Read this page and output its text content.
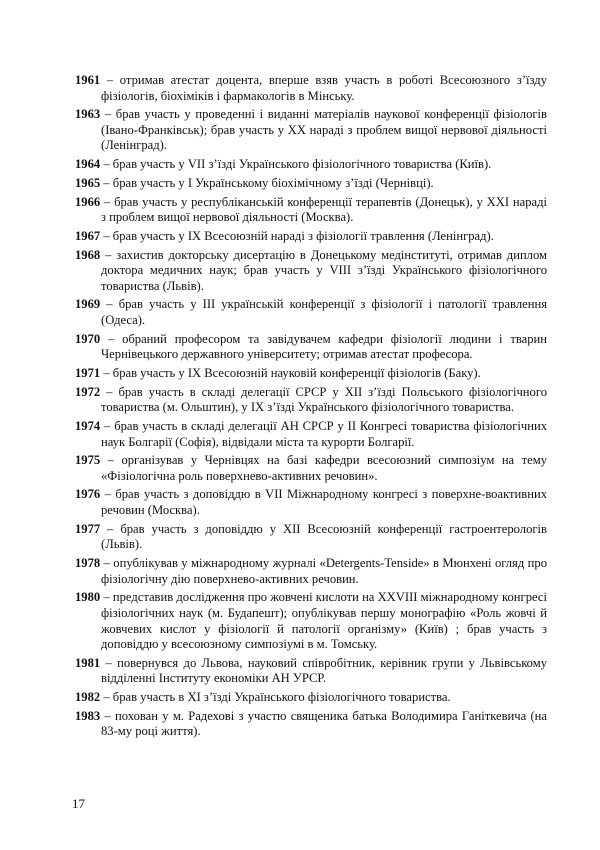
1961 – отримав атестат доцента, вперше взяв участь в роботі Всесоюзного з’їзду фізіологів, біохіміків і фармакологів в Мінську.
1963 – брав участь у проведенні і виданні матеріалів наукової конференції фізіологів (Івано-Франківськ); брав участь у ХХ нараді з проблем вищої нервової діяльності (Ленінград).
1964 – брав участь у VII з’їзді Українського фізіологічного товариства (Київ).
1965 – брав участь у І Українському біохімічному з’їзді (Чернівці).
1966 – брав участь у республіканській конференції терапевтів (Донецьк), у ХХІ нараді з проблем вищої нервової діяльності (Москва).
1967 – брав участь у ІХ Всесоюзній нараді з фізіології травлення (Ленінград).
1968 – захистив докторську дисертацію в Донецькому медінституті, отримав диплом доктора медичних наук; брав участь у VIII з’їзді Українського фізіологічного товариства (Львів).
1969 – брав участь у ІІІ українській конференції з фізіології і патології травлення (Одеса).
1970 – обраний професором та завідувачем кафедри фізіології людини і тварин Чернівецького державного університету; отримав атестат професора.
1971 – брав участь у ІХ Всесоюзній науковій конференції фізіологів (Баку).
1972 – брав участь в складі делегації СРСР у ХІІ з’їзді Польського фізіологічного товариства (м. Ольштин), у ІХ з’їзді Українського фізіологічного товариства.
1974 – брав участь в складі делегації АН СРСР у ІІ Конгресі товариства фізіологічних наук Болгарії (Софія), відвідали міста та курорти Болгарії.
1975 – організував у Чернівцях на базі кафедри всесоюзний симпозіум на тему «Фізіологічна роль поверхнево-активних речовин».
1976 – брав участь з доповіддю в VII Міжнародному конгресі з поверхне-воактивних речовин (Москва).
1977 – брав участь з доповіддю у ХІІ Всесоюзній конференції гастроентерологів (Львів).
1978 – опублікував у міжнародному журналі «Detergents-Tenside» в Мюнхені огляд про фізіологічну дію поверхнево-активних речовин.
1980 – представив дослідження про жовчені кислоти на ХХVIII міжнародному конгресі фізіологічних наук (м. Будапешт); опублікував першу монографію «Роль жовчі й жовчевих кислот у фізіології й патології організму» (Київ) ; брав участь з доповіддю у всесоюзному симпозіумі в м. Томську.
1981 – повернувся до Львова, науковий співробітник, керівник групи у Львівському відділенні Інституту економіки АН УРСР.
1982 – брав участь в ХІ з’їзді Українського фізіологічного товариства.
1983 – похован у м. Радехові з участю священика батька Володимира Ганіткевича (на 83-му році життя).
17
